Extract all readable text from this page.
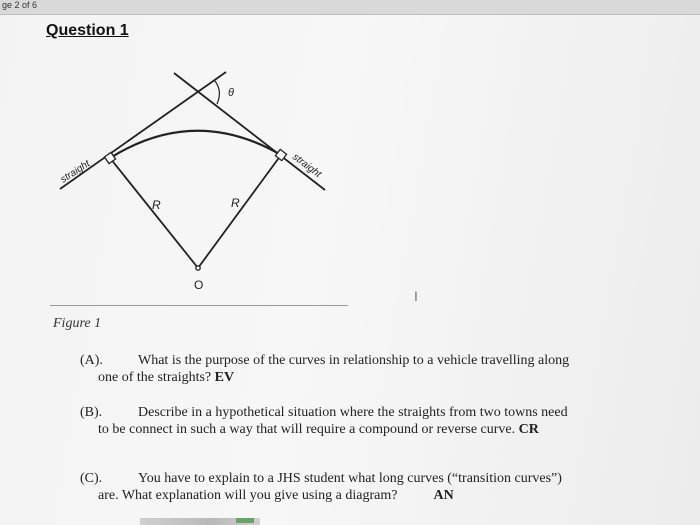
ge 2 of 6
Question 1
θ
straight	straight
R	R
O
Figure 1
I
(A).	What is the purpose of the curves in relationship to a vehicle travelling along
one of the straights? EV
(B).	Describe in a hypothetical situation where the straights from two towns need
to be connect in such a way that will require a compound or reverse curve. CR
(C).	You have to explain to a JHS student what long curves (“transition curves”)
are. What explanation will you give using a diagram?	AN
